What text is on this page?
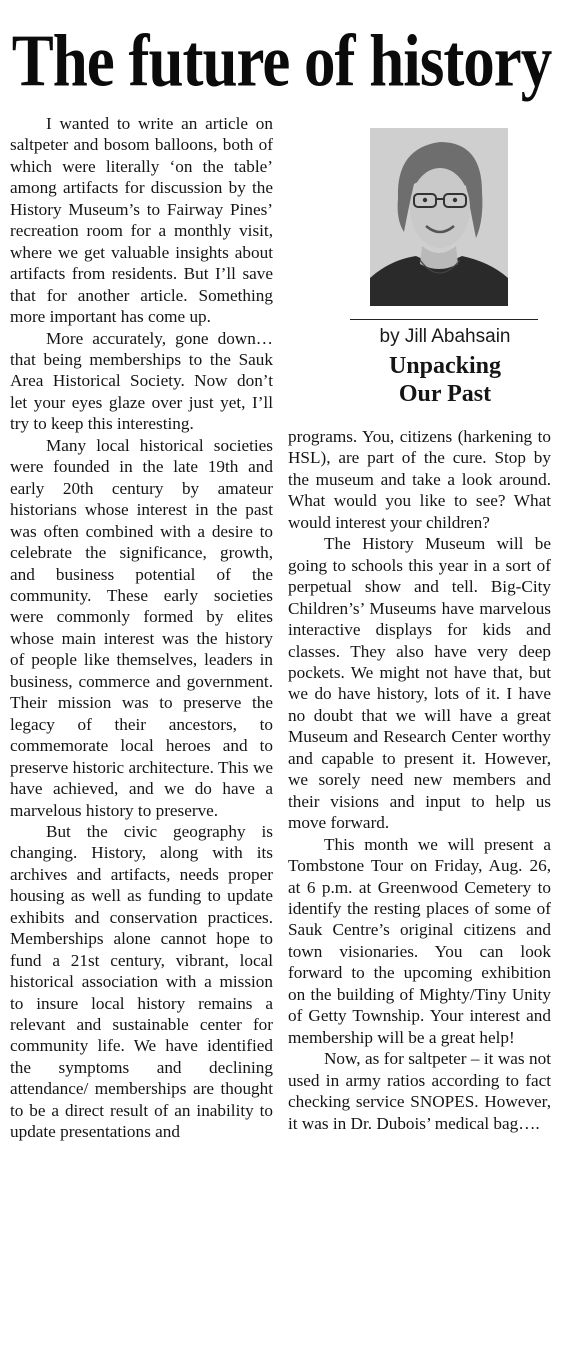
The future of history

I wanted to write an article on saltpeter and bosom balloons, both of which were literally ‘on the table’ among artifacts for discussion by the History Museum’s to Fairway Pines’ recreation room for a monthly visit, where we get valuable insights about artifacts from residents. But I’ll save that for another article. Something more important has come up.

More accurately, gone down…that being memberships to the Sauk Area Historical Society. Now don’t let your eyes glaze over just yet, I’ll try to keep this interesting.

Many local historical societies were founded in the late 19th and early 20th century by amateur historians whose interest in the past was often combined with a desire to celebrate the significance, growth, and business potential of the community. These early societies were commonly formed by elites whose main interest was the history of people like themselves, leaders in business, commerce and government. Their mission was to preserve the legacy of their ancestors, to commemorate local heroes and to preserve historic architecture. This we have achieved, and we do have a marvelous history to preserve.

But the civic geography is changing. History, along with its archives and artifacts, needs proper housing as well as funding to update exhibits and conservation practices. Memberships alone cannot hope to fund a 21st century, vibrant, local historical association with a mission to insure local history remains a relevant and sustainable center for community life. We have identified the symptoms and declining attendance/ memberships are thought to be a direct result of an inability to update presentations and

by Jill Abahsain
Unpacking
Our Past

programs. You, citizens (harkening to HSL), are part of the cure. Stop by the museum and take a look around. What would you like to see? What would interest your children?

The History Museum will be going to schools this year in a sort of perpetual show and tell. Big-City Children’s’ Museums have marvelous interactive displays for kids and classes. They also have very deep pockets. We might not have that, but we do have history, lots of it. I have no doubt that we will have a great Museum and Research Center worthy and capable to present it. However, we sorely need new members and their visions and input to help us move forward.

This month we will present a Tombstone Tour on Friday, Aug. 26, at 6 p.m. at Greenwood Cemetery to identify the resting places of some of Sauk Centre’s original citizens and town visionaries. You can look forward to the upcoming exhibition on the building of Mighty/Tiny Unity of Getty Township. Your interest and membership will be a great help!

Now, as for saltpeter – it was not used in army ratios according to fact checking service SNOPES. However, it was in Dr. Dubois’ medical bag….
